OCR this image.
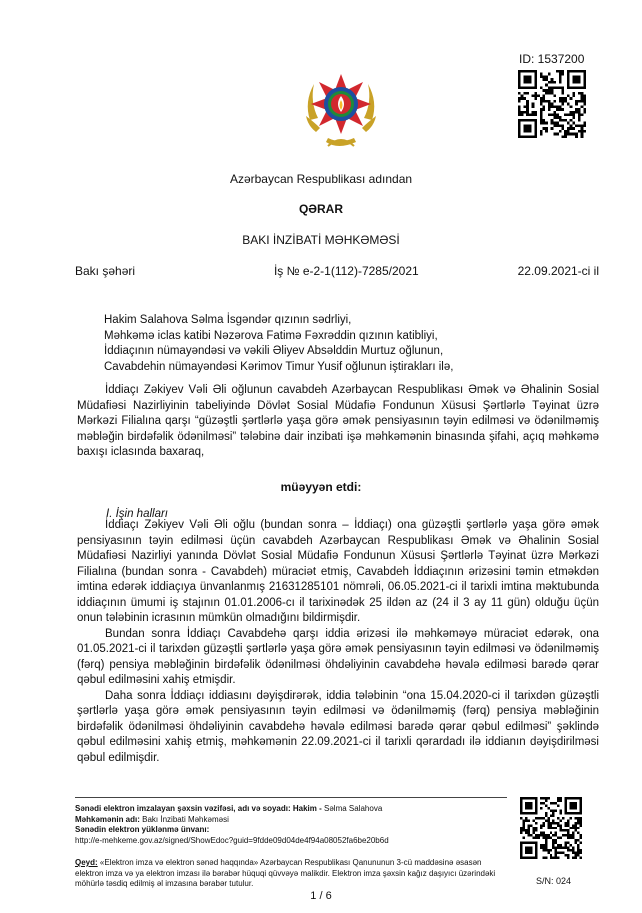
ID: 1537200
Azərbaycan Respublikası adından
QƏRAR
BAKI İNZİBATİ MƏHKƏMƏSİ
Bakı şəhəri	İş № e-2-1(112)-7285/2021	22.09.2021-ci il
Hakim Salahova Səlma İsgəndər qızının sədrliyi,
Məhkəmə iclas katibi Nəzərova Fatimə Fəxrəddin qızının katibliyi,
İddiaçının nümayəndəsi və vəkili Əliyev Absəlddin Murtuz oğlunun,
Cavabdehin nümayəndəsi Kərimov Timur Yusif oğlunun iştirakları ilə,

İddiaçı Zəkiyev Vəli Əli oğlunun cavabdeh Azərbaycan Respublikası Əmək və Əhalinin Sosial Müdafiəsi Nazirliyinin tabeliyində Dövlət Sosial Müdafiə Fondunun Xüsusi Şərtlərlə Təyinat üzrə Mərkəzi Filialına qarşı “güzəştli şərtlərlə yaşa görə əmək pensiyasının təyin edilməsi və ödənilməmiş məbləğin birdəfəlik ödənilməsi” tələbinə dair inzibati işə məhkəmənin binasında şifahi, açıq məhkəmə baxışı iclasında baxaraq,

müəyyən etdi:
I. İşin halları

İddiaçı Zəkiyev Vəli Əli oğlu (bundan sonra – İddiaçı) ona güzəştli şərtlərlə yaşa görə əmək pensiyasının təyin edilməsi üçün cavabdeh Azərbaycan Respublikası Əmək və Əhalinin Sosial Müdafiəsi Nazirliyi yanında Dövlət Sosial Müdafiə Fondunun Xüsusi Şərtlərlə Təyinat üzrə Mərkəzi Filialına (bundan sonra - Cavabdeh) müraciət etmiş, Cavabdeh İddiaçının ərizəsini təmin etməkdən imtina edərək iddiaçıya ünvanlanmış 21631285101 nömrəli, 06.05.2021-ci il tarixli imtina məktubunda iddiaçının ümumi iş stajının 01.01.2006-cı il tarixinədək 25 ildən az (24 il 3 ay 11 gün) olduğu üçün onun tələbinin icrasının mümkün olmadığını bildirmişdir.

Bundan sonra İddiaçı Cavabdehə qarşı iddia ərizəsi ilə məhkəməyə müraciət edərək, ona 01.05.2021-ci il tarixdən güzəştli şərtlərlə yaşa görə əmək pensiyasının təyin edilməsi və ödənilməmiş (fərq) pensiya məbləğinin birdəfəlik ödənilməsi öhdəliyinin cavabdehə həvalə edilməsi barədə qərar qəbul edilməsini xahiş etmişdir.

Daha sonra İddiaçı iddiasını dəyişdirərək, iddia tələbinin “ona 15.04.2020-ci il tarixdən güzəştli şərtlərlə yaşa görə əmək pensiyasının təyin edilməsi və ödənilməmiş (fərq) pensiya məbləğinin birdəfəlik ödənilməsi öhdəliyinin cavabdehə həvalə edilməsi barədə qərar qəbul edilməsi” şəklində qəbul edilməsini xahiş etmiş, məhkəmənin 22.09.2021-ci il tarixli qərardadı ilə iddianın dəyişdirilməsi qəbul edilmişdir.

Sənədi elektron imzalayan şəxsin vəzifəsi, adı və soyadı: Hakim - Səlma Salahova
Məhkəmənin adı: Bakı İnzibati Məhkəməsi
Sənədin elektron yüklənmə ünvanı:
http://e-mehkeme.gov.az/signed/ShowEdoc?guid=9fdde09d04de4f94a08052fa6be20b6d
Qeyd: «Elektron imza və elektron sənəd haqqında» Azərbaycan Respublikası Qanununun 3-cü maddəsinə əsasən elektron imza və ya elektron imzası ilə bərabər hüquqi qüvvəyə malikdir. Elektron imza şəxsin kağız daşıyıcı üzərindəki möhürlə təsdiq edilmiş əl imzasına bərabər tutulur.	S/N: 024
1 / 6
